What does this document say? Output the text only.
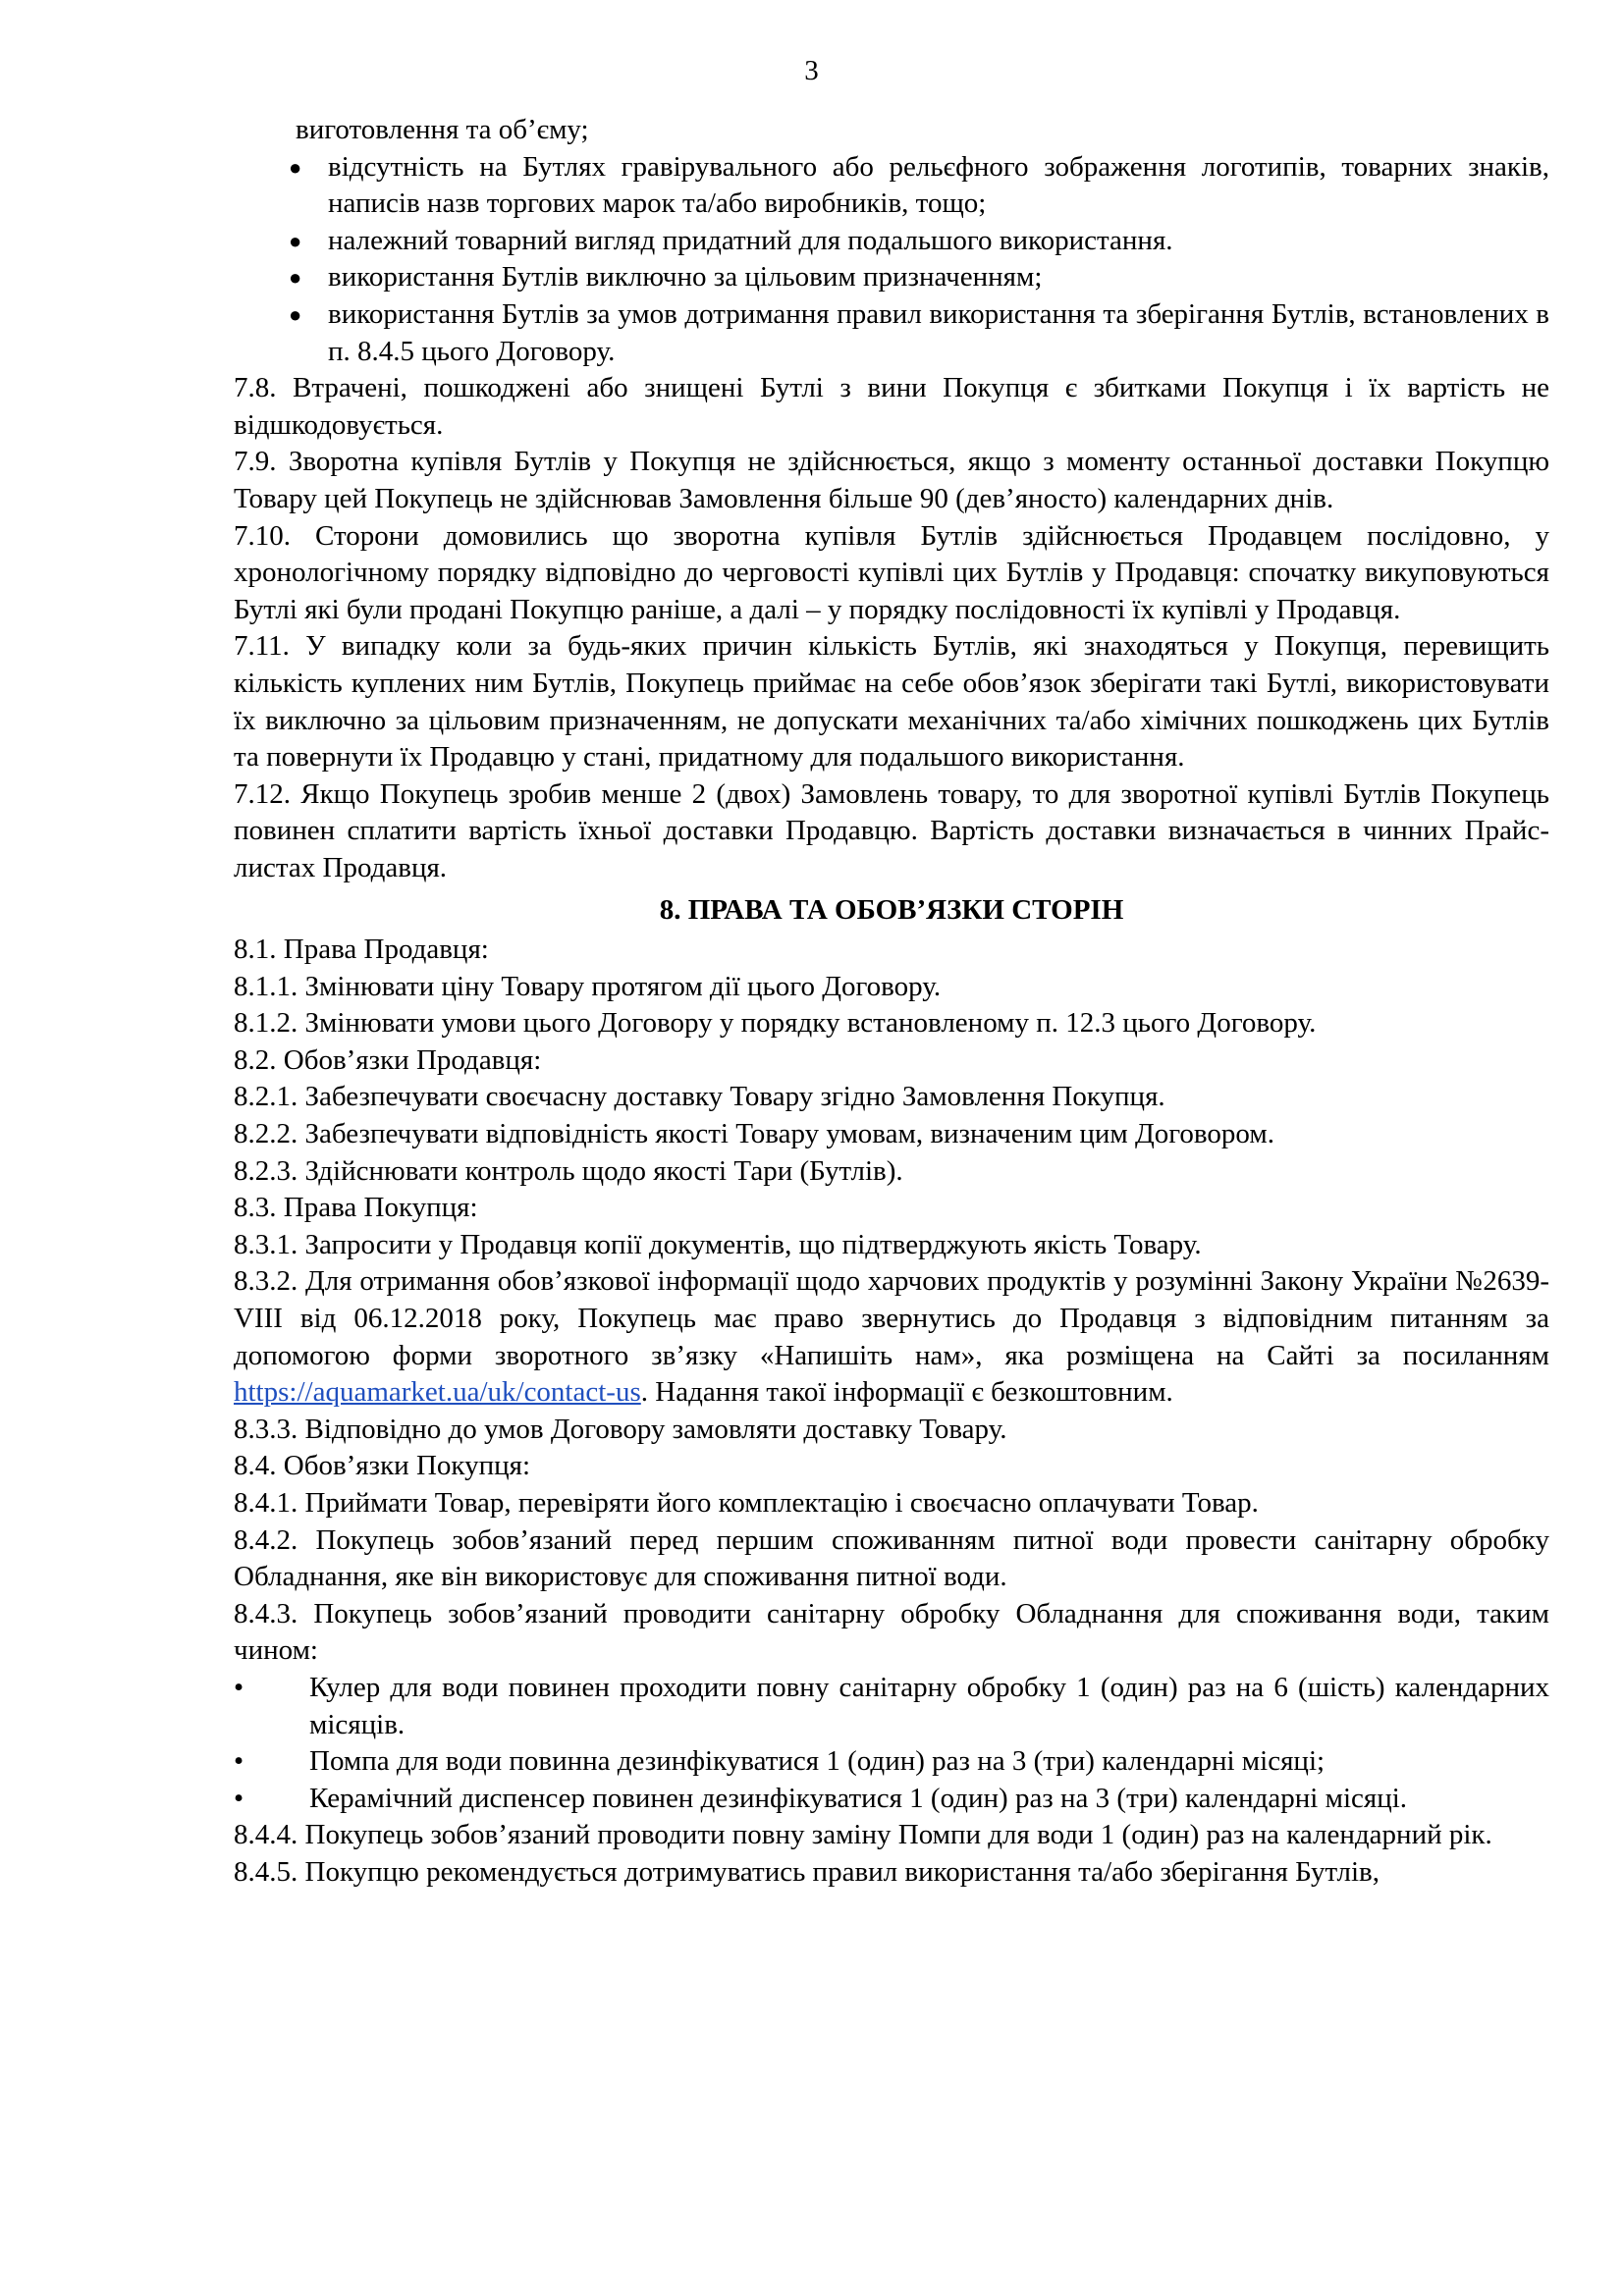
3
виготовлення та об’єму;
● відсутність на Бутлях гравірувального або рельєфного зображення логотипів, товарних знаків, написів назв торгових марок та/або виробників, тощо;
● належний товарний вигляд придатний для подальшого використання.
● використання Бутлів виключно за цільовим призначенням;
● використання Бутлів за умов дотримання правил використання та зберігання Бутлів, встановлених в п. 8.4.5 цього Договору.
7.8. Втрачені, пошкоджені або знищені Бутлі з вини Покупця є збитками Покупця і їх вартість не відшкодовується.
7.9. Зворотна купівля Бутлів у Покупця не здійснюється, якщо з моменту останньої доставки Покупцю Товару цей Покупець не здійснював Замовлення більше 90 (дев’яносто) календарних днів.
7.10. Сторони домовились що зворотна купівля Бутлів здійснюється Продавцем послідовно, у хронологічному порядку відповідно до черговості купівлі цих Бутлів у Продавця: спочатку викуповуються Бутлі які були продані Покупцю раніше, а далі – у порядку послідовності їх купівлі у Продавця.
7.11. У випадку коли за будь-яких причин кількість Бутлів, які знаходяться у Покупця, перевищить кількість куплених ним Бутлів, Покупець приймає на себе обов’язок зберігати такі Бутлі, використовувати їх виключно за цільовим призначенням, не допускати механічних та/або хімічних пошкоджень цих Бутлів та повернути їх Продавцю у стані, придатному для подальшого використання.
7.12. Якщо Покупець зробив менше 2 (двох) Замовлень товару, то для зворотної купівлі Бутлів Покупець повинен сплатити вартість їхньої доставки Продавцю. Вартість доставки визначається в чинних Прайс-листах Продавця.
8. ПРАВА ТА ОБОВ’ЯЗКИ СТОРІН
8.1. Права Продавця:
8.1.1. Змінювати ціну Товару протягом дії цього Договору.
8.1.2. Змінювати умови цього Договору у порядку встановленому п. 12.3 цього Договору.
8.2. Обов’язки Продавця:
8.2.1. Забезпечувати своєчасну доставку Товару згідно Замовлення Покупця.
8.2.2. Забезпечувати відповідність якості Товару умовам, визначеним цим Договором.
8.2.3. Здійснювати контроль щодо якості Тари (Бутлів).
8.3. Права Покупця:
8.3.1. Запросити у Продавця копії документів, що підтверджують якість Товару.
8.3.2. Для отримання обов’язкової інформації щодо харчових продуктів у розумінні Закону України №2639-VIII від 06.12.2018 року, Покупець має право звернутись до Продавця з відповідним питанням за допомогою форми зворотного зв’язку «Напишіть нам», яка розміщена на Сайті за посиланням https://aquamarket.ua/uk/contact-us. Надання такої інформації є безкоштовним.
8.3.3. Відповідно до умов Договору замовляти доставку Товару.
8.4. Обов’язки Покупця:
8.4.1. Приймати Товар, перевіряти його комплектацію і своєчасно оплачувати Товар.
8.4.2. Покупець зобов’язаний перед першим споживанням питної води провести санітарну обробку Обладнання, яке він використовує для споживання питної води.
8.4.3. Покупець зобов’язаний проводити санітарну обробку Обладнання для споживання води, таким чином:
• Кулер для води повинен проходити повну санітарну обробку 1 (один) раз на 6 (шість) календарних місяців.
• Помпа для води повинна дезинфікуватися 1 (один) раз на 3 (три) календарні місяці;
• Керамічний диспенсер повинен дезинфікуватися 1 (один) раз на 3 (три) календарні місяці.
8.4.4. Покупець зобов’язаний проводити повну заміну Помпи для води 1 (один) раз на календарний рік.
8.4.5. Покупцю рекомендується дотримуватись правил використання та/або зберігання Бутлів,
